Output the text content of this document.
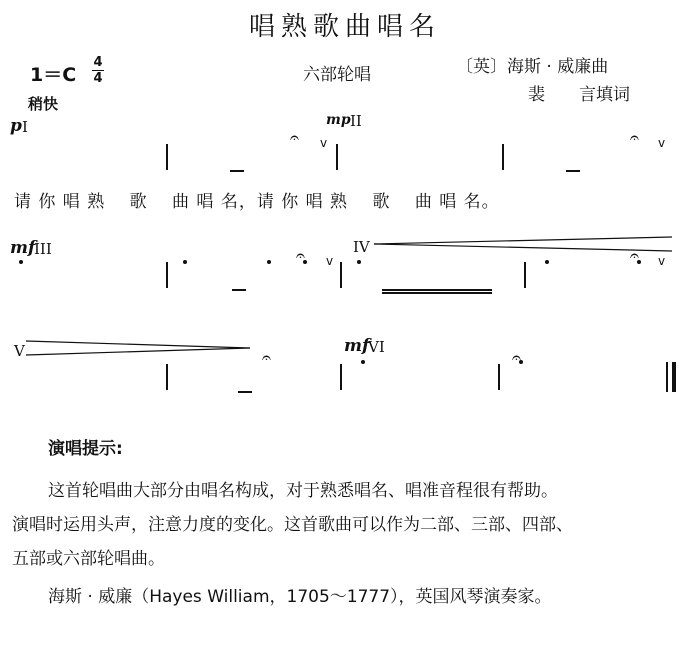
唱熟歌曲唱名
1＝C
4
4
稍快
六部轮唱	〔英〕海斯 · 威廉曲
裴　　言填词
p I	mp II
请 你 唱 熟　 歌　 曲 唱 名，请 你 唱 熟　 歌　 曲 唱 名。
mf
III	IV
V	mf
VI
演唱提示:
这首轮唱曲大部分由唱名构成，对于熟悉唱名、唱准音程很有帮助。
演唱时运用头声，注意力度的变化。这首歌曲可以作为二部、三部、四部、
五部或六部轮唱曲。
海斯 · 威廉（Hayes William，1705～1777），英国风琴演奏家。
𝄐 v	𝄐 v
𝄐 v	𝄐 v
𝄐	𝄐
